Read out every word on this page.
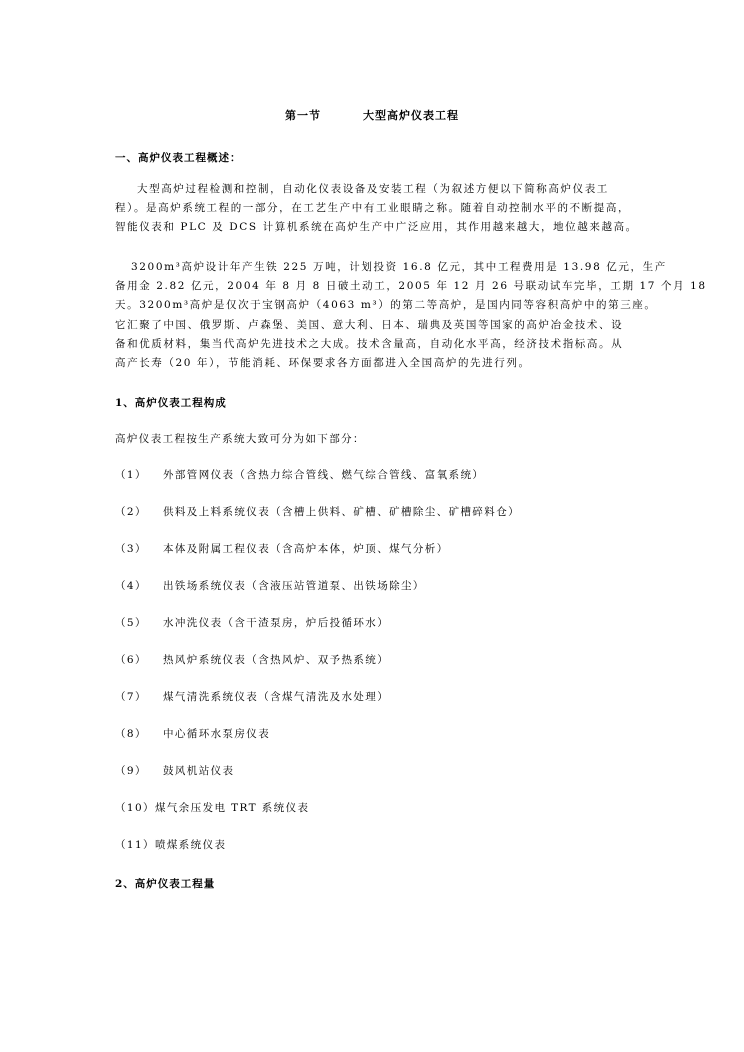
第一节	大型高炉仪表工程
一、高炉仪表工程概述：
大型高炉过程检测和控制，自动化仪表设备及安装工程（为叙述方便以下简称高炉仪表工
程）。是高炉系统工程的一部分，在工艺生产中有工业眼睛之称。随着自动控制水平的不断提高，
智能仪表和 PLC 及 DCS 计算机系统在高炉生产中广泛应用，其作用越来越大，地位越来越高。
3200m³高炉设计年产生铁 225 万吨，计划投资 16.8 亿元，其中工程费用是 13.98 亿元，生产
备用金 2.82 亿元，2004 年 8 月 8 日破土动工，2005 年 12 月 26 号联动试车完毕，工期 17 个月 18
天。3200m³高炉是仅次于宝钢高炉（4063 m³）的第二等高炉，是国内同等容积高炉中的第三座。
它汇聚了中国、俄罗斯、卢森堡、美国、意大利、日本、瑞典及英国等国家的高炉冶金技术、设
备和优质材料，集当代高炉先进技术之大成。技术含量高，自动化水平高，经济技术指标高。从
高产长寿（20 年），节能消耗、环保要求各方面都进入全国高炉的先进行列。
1、高炉仪表工程构成
高炉仪表工程按生产系统大致可分为如下部分：
（1） 外部管网仪表（含热力综合管线、燃气综合管线、富氧系统）
（2） 供料及上料系统仪表（含槽上供料、矿槽、矿槽除尘、矿槽碎料仓）
（3） 本体及附属工程仪表（含高炉本体，炉顶、煤气分析）
（4） 出铁场系统仪表（含液压站管道泵、出铁场除尘）
（5） 水冲洗仪表（含干渣泵房，炉后投循环水）
（6） 热风炉系统仪表（含热风炉、双予热系统）
（7） 煤气清洗系统仪表（含煤气清洗及水处理）
（8） 中心循环水泵房仪表
（9） 鼓风机站仪表
（10）煤气余压发电 TRT 系统仪表
（11）喷煤系统仪表
2、高炉仪表工程量
